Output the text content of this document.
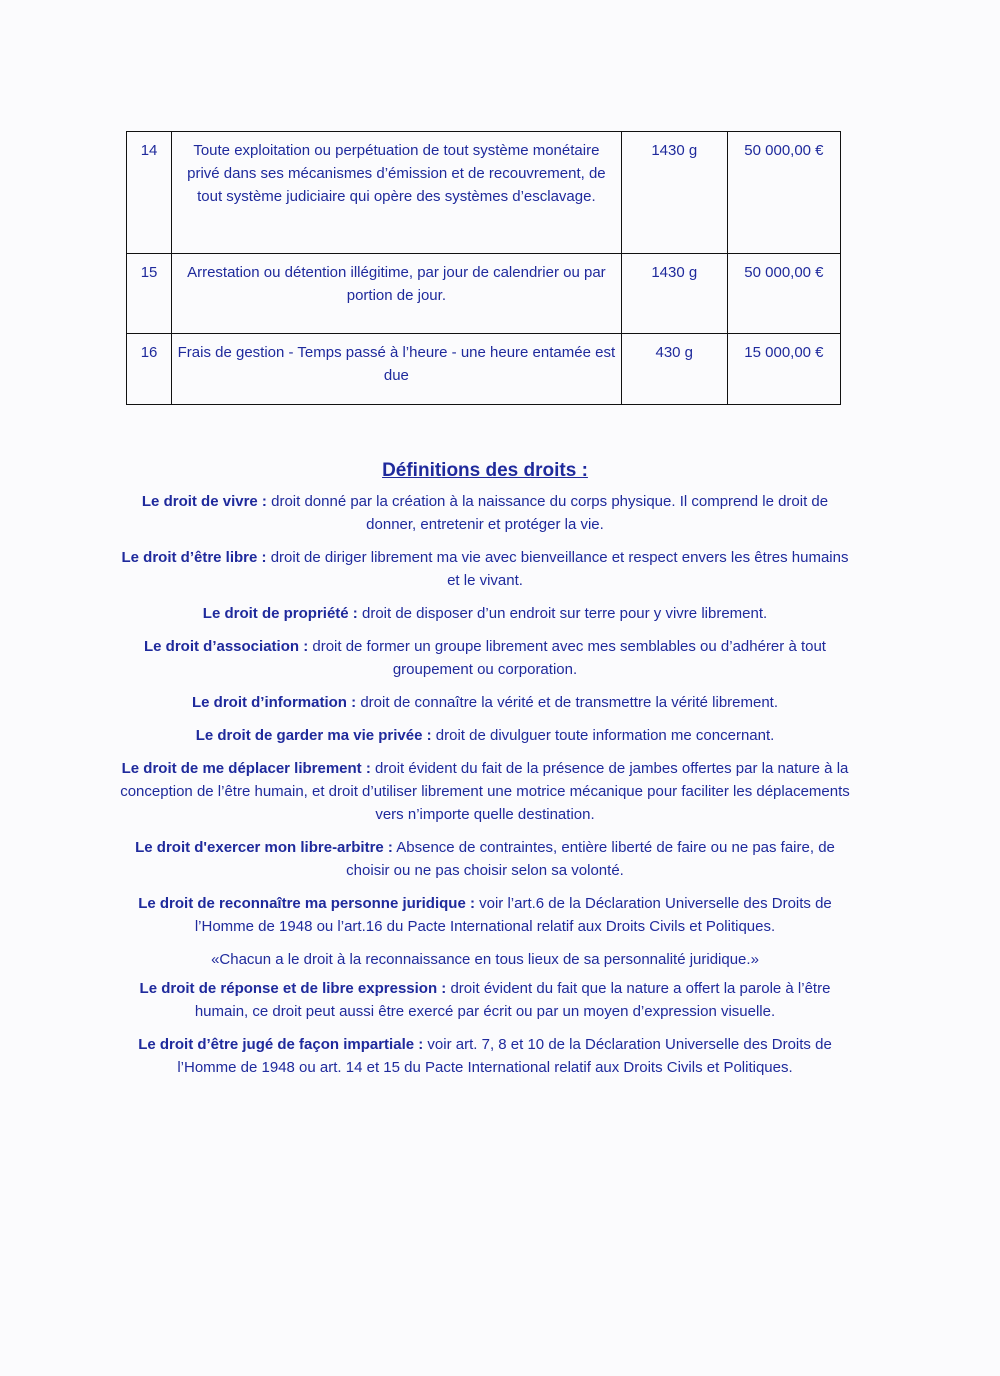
14	Toute exploitation ou perpétuation de tout système monétaire privé dans ses mécanismes d’émission et de recouvrement, de tout système judiciaire qui opère des systèmes d’esclavage.	1430 g	50 000,00 €
15	Arrestation ou détention illégitime, par jour de calendrier ou par portion de jour.	1430 g	50 000,00 €
16	Frais de gestion - Temps passé à l’heure - une heure entamée est due	430 g	15 000,00 €
Définitions des droits :

Le droit de vivre : droit donné par la création à la naissance du corps physique. Il comprend le droit de donner, entretenir et protéger la vie.

Le droit d’être libre : droit de diriger librement ma vie avec bienveillance et respect envers les êtres humains et le vivant.

Le droit de propriété : droit de disposer d’un endroit sur terre pour y vivre librement.

Le droit d’association : droit de former un groupe librement avec mes semblables ou d’adhérer à tout groupement ou corporation.

Le droit d’information : droit de connaître la vérité et de transmettre la vérité librement.

Le droit de garder ma vie privée : droit de divulguer toute information me concernant.

Le droit de me déplacer librement : droit évident du fait de la présence de jambes offertes par la nature à la conception de l’être humain, et droit d’utiliser librement une motrice mécanique pour faciliter les déplacements vers n’importe quelle destination.

Le droit d'exercer mon libre-arbitre : Absence de contraintes, entière liberté de faire ou ne pas faire, de choisir ou ne pas choisir selon sa volonté.

Le droit de reconnaître ma personne juridique : voir l’art.6 de la Déclaration Universelle des Droits de l’Homme de 1948 ou l’art.16 du Pacte International relatif aux Droits Civils et Politiques.

«Chacun a le droit à la reconnaissance en tous lieux de sa personnalité juridique.»

Le droit de réponse et de libre expression : droit évident du fait que la nature a offert la parole à l’être humain, ce droit peut aussi être exercé par écrit ou par un moyen d’expression visuelle.

Le droit d’être jugé de façon impartiale : voir art. 7, 8 et 10 de la Déclaration Universelle des Droits de l’Homme de 1948 ou art. 14 et 15 du Pacte International relatif aux Droits Civils et Politiques.
